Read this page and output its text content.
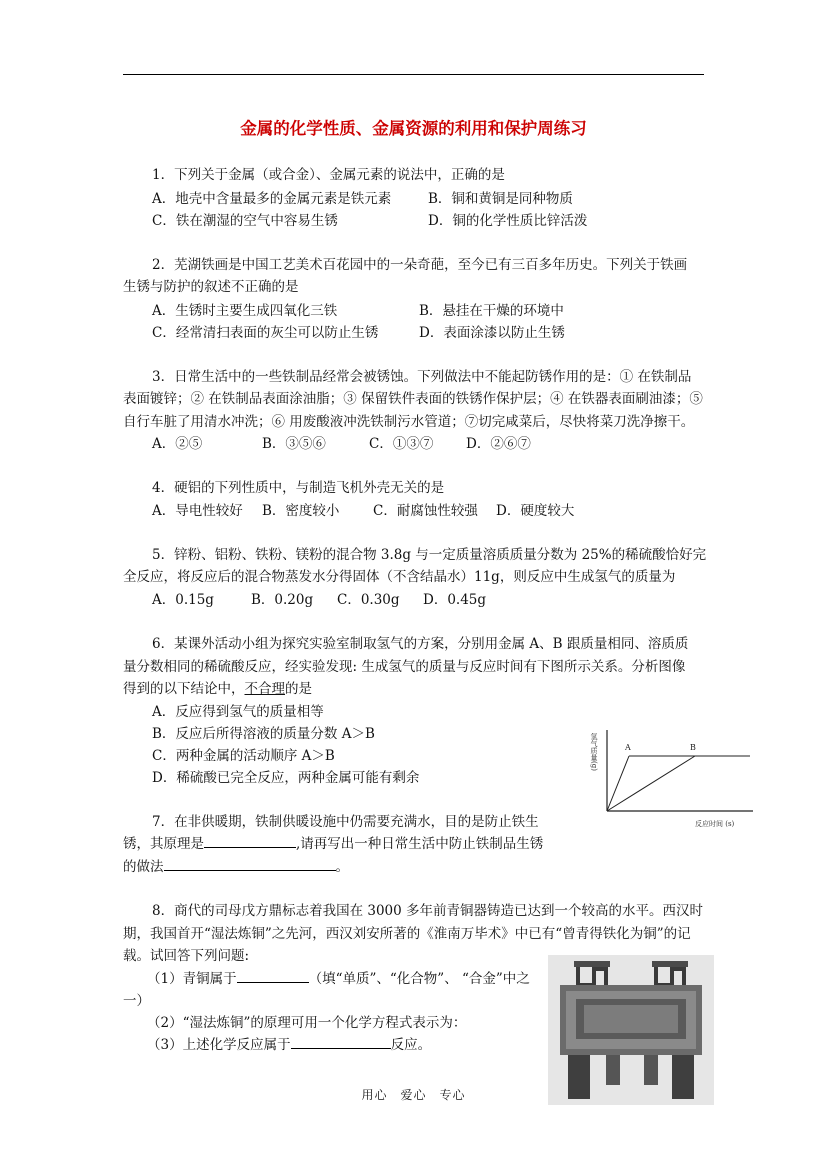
金属的化学性质、金属资源的利用和保护周练习
1．下列关于金属（或合金）、金属元素的说法中，正确的是
A．地壳中含量最多的金属元素是铁元素	B．铜和黄铜是同种物质
C．铁在潮湿的空气中容易生锈	D．铜的化学性质比锌活泼
2．芜湖铁画是中国工艺美术百花园中的一朵奇葩，至今已有三百多年历史。下列关于铁画
生锈与防护的叙述不正确的是
A．生锈时主要生成四氧化三铁	B．悬挂在干燥的环境中
C．经常清扫表面的灰尘可以防止生锈	D．表面涂漆以防止生锈
3．日常生活中的一些铁制品经常会被锈蚀。下列做法中不能起防锈作用的是：① 在铁制品
表面镀锌；② 在铁制品表面涂油脂；③ 保留铁件表面的铁锈作保护层；④ 在铁器表面刷油漆；⑤
自行车脏了用清水冲洗；⑥ 用废酸液冲洗铁制污水管道；⑦切完咸菜后，尽快将菜刀洗净擦干。
A．②⑤	B．③⑤⑥	C．①③⑦ D．②⑥⑦
4．硬铝的下列性质中，与制造飞机外壳无关的是
A．导电性较好 B．密度较小 C．耐腐蚀性较强 D．硬度较大
5．锌粉、铝粉、铁粉、镁粉的混合物 3.8g 与一定质量溶质质量分数为 25%的稀硫酸恰好完
全反应，将反应后的混合物蒸发水分得固体（不含结晶水）11g，则反应中生成氢气的质量为
A．0.15g	B．0.20g C．0.30g D．0.45g
6．某课外活动小组为探究实验室制取氢气的方案，分别用金属 A、B 跟质量相同、溶质质
量分数相同的稀硫酸反应，经实验发现: 生成氢气的质量与反应时间有下图所示关系。分析图像
得到的以下结论中，不合理的是
A．反应得到氢气的质量相等
B．反应后所得溶液的质量分数 A＞B
C．两种金属的活动顺序 A＞B
D．稀硫酸已完全反应，两种金属可能有剩余
氢气质量(g)	A	B
反应时间 (s)
7．在非供暖期，铁制供暖设施中仍需要充满水，目的是防止铁生
锈，其原理是	,请再写出一种日常生活中防止铁制品生锈
的做法	。
8．商代的司母戊方鼎标志着我国在 3000 多年前青铜器铸造已达到一个较高的水平。西汉时
期，我国首开“湿法炼铜”之先河，西汉刘安所著的《淮南万毕术》中已有“曾青得铁化为铜”的记
载。试回答下列问题:
（1）青铜属于	（填“单质”、“化合物”、 “合金”中之
一）
（2）“湿法炼铜”的原理可用一个化学方程式表示为：
（3）上述化学反应属于	反应。
用心　爱心　专心
